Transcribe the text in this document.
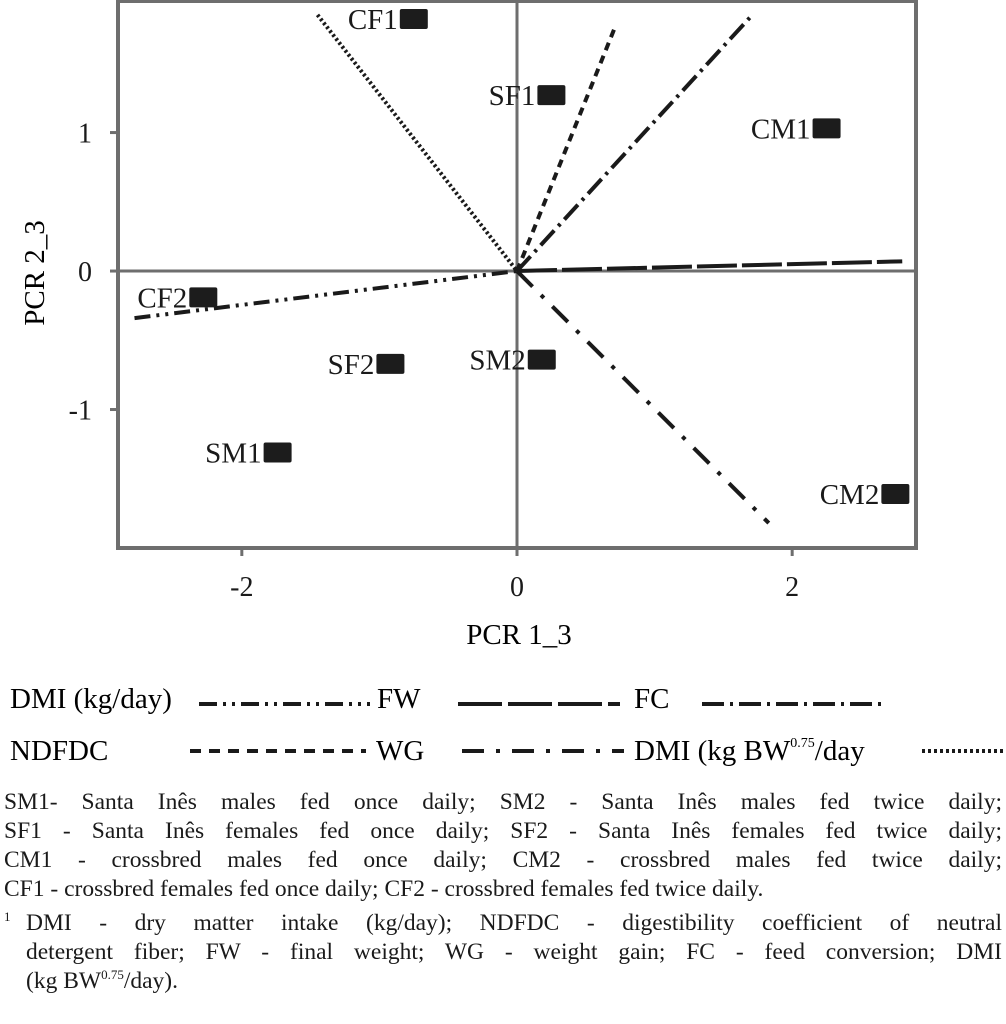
CF1
SF1
CM1
CF2
SF2	SM2
SM1
CM2
-2	0	2
-1
0
1
PCR 1_3
PCR 2_3
DMI (kg/day)	FW	FC
NDFDC	WG	DMI (kg $BW^{0.75}$/day
SM1- Santa Inês males fed once daily; SM2 - Santa Inês males fed twice daily;
SF1 - Santa Inês females fed once daily; SF2 - Santa Inês females fed twice daily;
CM1 - crossbred males fed once daily; CM2 - crossbred males fed twice daily;
CF1 - crossbred females fed once daily; CF2 - crossbred females fed twice daily.
1 DMI - dry matter intake (kg/day); NDFDC - digestibility coefficient of neutral
detergent fiber; FW - final weight; WG - weight gain; FC - feed conversion; DMI
(kg $BW^{0.75}/day$).
